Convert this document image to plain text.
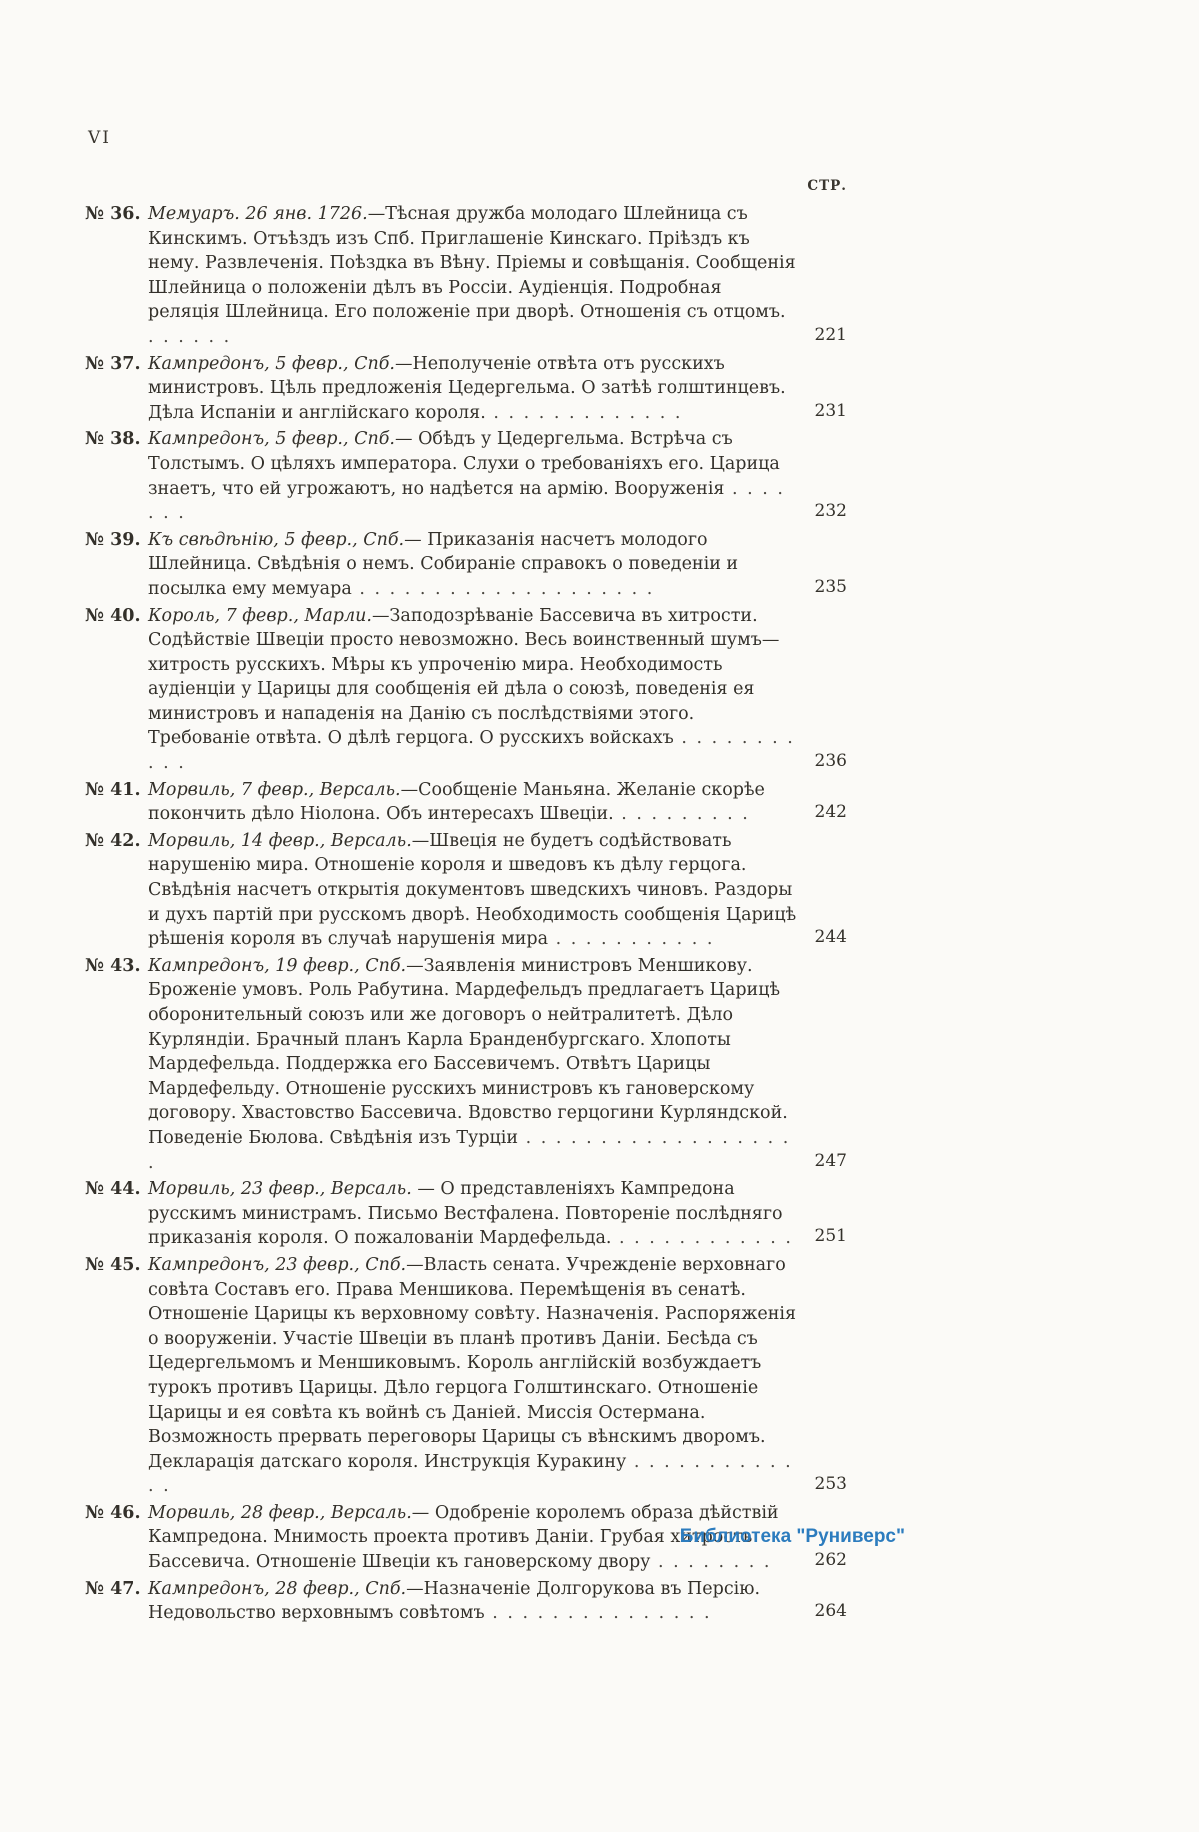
VI
СТР.
№ 36. Мемуаръ. 26 янв. 1726.—Тѣсная дружба молодаго Шлейница съ Кинскимъ. Отъѣздъ изъ Спб. Приглашеніе Кинскаго. Пріѣздъ къ нему. Развлеченія. Поѣздка въ Вѣну. Пріемы и совѣщанія. Сообщенія Шлейница о положеніи дѣлъ въ Россіи. Аудіенція. Подробная реляція Шлейница. Его положеніе при дворѣ. Отношенія съ отцомъ. . . . . . .	221
№ 37. Кампредонъ, 5 февр., Спб.—Неполученіе отвѣта отъ русскихъ министровъ. Цѣль предложенія Цедергельма. О затѣѣ голштинцевъ. Дѣла Испаніи и англійскаго короля. . . . . . . . . . . . . .	231
№ 38. Кампредонъ, 5 февр., Спб.— Обѣдъ у Цедергельма. Встрѣча съ Толстымъ. О цѣляхъ императора. Слухи о требованіяхъ его. Царица знаетъ, что ей угрожаютъ, но надѣется на армію. Вооруженія . . . . . . .	232
№ 39. Къ свѣдѣнію, 5 февр., Спб.— Приказанія насчетъ молодого Шлейница. Свѣдѣнія о немъ. Собираніе справокъ о поведеніи и посылка ему мемуара . . . . . . . . . . . . . . . . . . . .	235
№ 40. Король, 7 февр., Марли.—Заподозрѣваніе Бассевича въ хитрости. Содѣйствіе Швеціи просто невозможно. Весь воинственный шумъ—хитрость русскихъ. Мѣры къ упроченію мира. Необходимость аудіенціи у Царицы для сообщенія ей дѣла о союзѣ, поведенія ея министровъ и нападенія на Данію съ послѣдствіями этого. Требованіе отвѣта. О дѣлѣ герцога. О русскихъ войскахъ . . . . . . . . . . .	236
№ 41. Морвиль, 7 февр., Версаль.—Сообщеніе Маньяна. Желаніе скорѣе покончить дѣло Ніолона. Объ интересахъ Швеціи. . . . . . . . . .	242
№ 42. Морвиль, 14 февр., Версаль.—Швеція не будетъ содѣйствовать нарушенію мира. Отношеніе короля и шведовъ къ дѣлу герцога. Свѣдѣнія насчетъ открытія документовъ шведскихъ чиновъ. Раздоры и духъ партій при русскомъ дворѣ. Необходимость сообщенія Царицѣ рѣшенія короля въ случаѣ нарушенія мира . . . . . . . . . . .	244
№ 43. Кампредонъ, 19 февр., Спб.—Заявленія министровъ Меншикову. Броженіе умовъ. Роль Рабутина. Мардефельдъ предлагаетъ Царицѣ оборонительный союзъ или же договоръ о нейтралитетѣ. Дѣло Курляндіи. Брачный планъ Карла Бранденбургскаго. Хлопоты Мардефельда. Поддержка его Бассевичемъ. Отвѣтъ Царицы Мардефельду. Отношеніе русскихъ министровъ къ гановерскому договору. Хвастовство Бассевича. Вдовство герцогини Курляндской. Поведеніе Бюлова. Свѣдѣнія изъ Турціи . . . . . . . . . . . . . . . . . . .	247
№ 44. Морвиль, 23 февр., Версаль. — О представленіяхъ Кампредона русскимъ министрамъ. Письмо Вестфалена. Повтореніе послѣдняго приказанія короля. О пожалованіи Мардефельда. . . . . . . . . . . . .	251
№ 45. Кампредонъ, 23 февр., Спб.—Власть сената. Учрежденіе верховнаго совѣта Составъ его. Права Меншикова. Перемѣщенія въ сенатѣ. Отношеніе Царицы къ верховному совѣту. Назначенія. Распоряженія о вооруженіи. Участіе Швеціи въ планѣ противъ Даніи. Бесѣда съ Цедергельмомъ и Меншиковымъ. Король англійскій возбуждаетъ турокъ противъ Царицы. Дѣло герцога Голштинскаго. Отношеніе Царицы и ея совѣта къ войнѣ съ Даніей. Миссія Остермана. Возможность прервать переговоры Царицы съ вѣнскимъ дворомъ. Декларація датскаго короля. Инструкція Куракину . . . . . . . . . . . . .	253
№ 46. Морвиль, 28 февр., Версаль.— Одобреніе королемъ образа дѣйствій Кампредона. Мнимость проекта противъ Даніи. Грубая хитрость Бассевича. Отношеніе Швеціи къ гановерскому двору . . . . . . . .	262
№ 47. Кампредонъ, 28 февр., Спб.—Назначеніе Долгорукова въ Персію. Недовольство верховнымъ совѣтомъ . . . . . . . . . . . . . . .	264
Библиотека "Руниверс"
